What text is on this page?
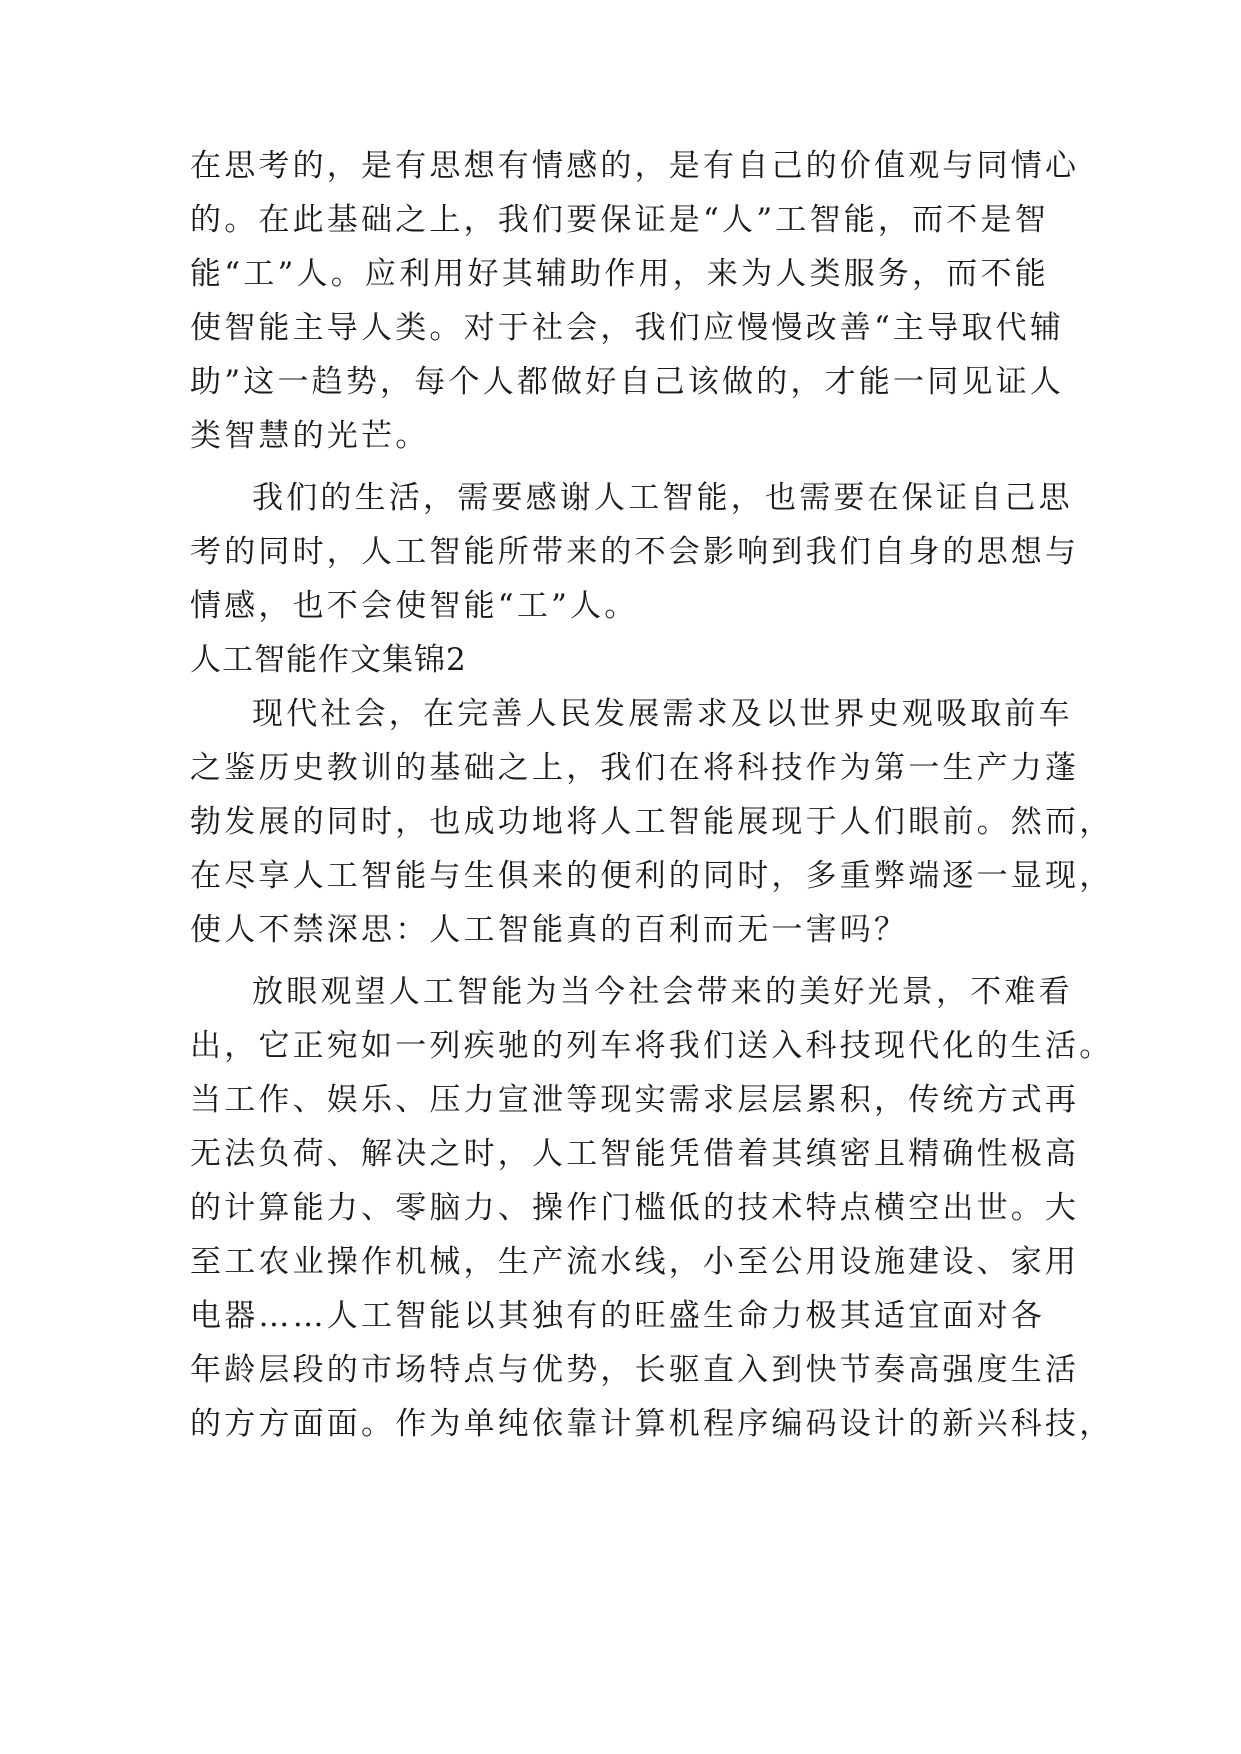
在思考的，是有思想有情感的，是有自己的价值观与同情心
的。在此基础之上，我们要保证是“人”工智能，而不是智
能“工”人。应利用好其辅助作用，来为人类服务，而不能
使智能主导人类。对于社会，我们应慢慢改善“主导取代辅
助”这一趋势，每个人都做好自己该做的，才能一同见证人
类智慧的光芒。
我们的生活，需要感谢人工智能，也需要在保证自己思
考的同时，人工智能所带来的不会影响到我们自身的思想与
情感，也不会使智能“工”人。
人工智能作文集锦2
现代社会，在完善人民发展需求及以世界史观吸取前车
之鉴历史教训的基础之上，我们在将科技作为第一生产力蓬
勃发展的同时，也成功地将人工智能展现于人们眼前。然而，
在尽享人工智能与生俱来的便利的同时，多重弊端逐一显现，
使人不禁深思：人工智能真的百利而无一害吗？
放眼观望人工智能为当今社会带来的美好光景，不难看
出，它正宛如一列疾驰的列车将我们送入科技现代化的生活。
当工作、娱乐、压力宣泄等现实需求层层累积，传统方式再
无法负荷、解决之时，人工智能凭借着其缜密且精确性极高
的计算能力、零脑力、操作门槛低的技术特点横空出世。大
至工农业操作机械，生产流水线，小至公用设施建设、家用
电器……人工智能以其独有的旺盛生命力极其适宜面对各
年龄层段的市场特点与优势，长驱直入到快节奏高强度生活
的方方面面。作为单纯依靠计算机程序编码设计的新兴科技，
